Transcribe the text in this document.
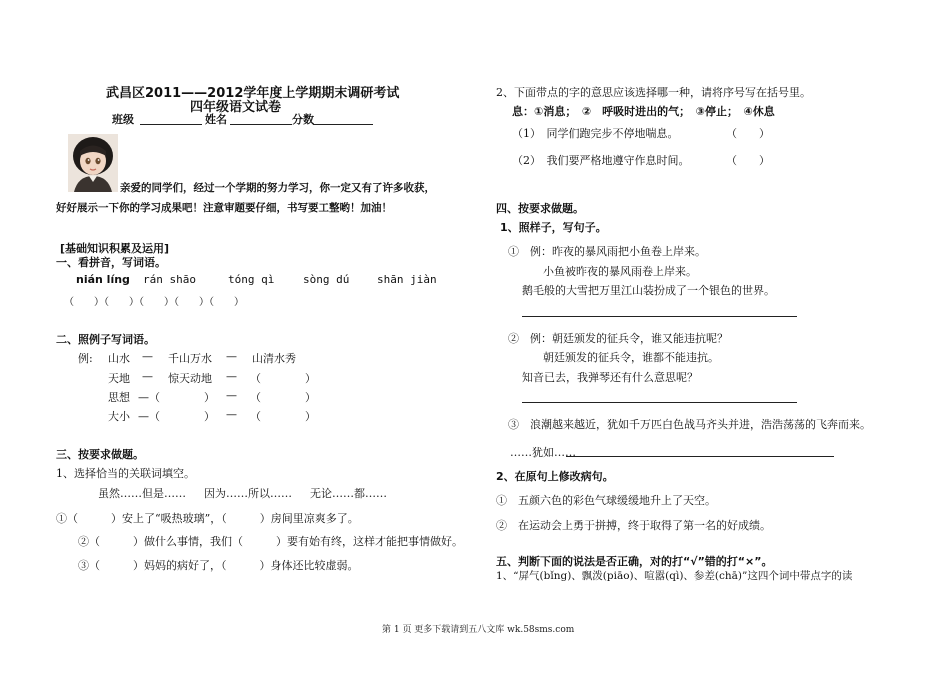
武昌区2011——2012学年度上学期期末调研考试
四年级语文试卷
班级	姓名	分数
亲爱的同学们，经过一个学期的努力学习，你一定又有了许多收获，
好好展示一下你的学习成果吧！注意审题要仔细，书写要工整哟！加油！
[基础知识积累及运用]
一、看拼音，写词语。
nián líng rán shāo	tóng qì	sòng dú	shān jiàn
（　　）（　　）（　　）（　　）（　　）
二、照例子写词语。
例: 山水 — 千山万水 — 山清水秀
天地 — 惊天动地 — （　　　　）
思想 —（　　　　） — （　　　　）
大小 —（　　　　） — （　　　　）
三、按要求做题。
1、选择恰当的关联词填空。
虽然……但是…… 因为……所以…… 无论……都……
①（　　　）安上了“吸热玻璃”，（　　　）房间里凉爽多了。
②（　　　）做什么事情，我们（　　　）要有始有终，这样才能把事情做好。
③（　　　）妈妈的病好了，（　　　）身体还比较虚弱。
2、下面带点的字的意思应该选择哪一种，请将序号写在括号里。
息：①消息；　②　呼吸时进出的气；　③停止；　④休息
（1）　同学们跑完步不停地喘息。	（　　）
（2）　我们要严格地遵守作息时间。	（　　）
四、按要求做题。
1、照样子，写句子。
①　例：昨夜的暴风雨把小鱼卷上岸来。
小鱼被昨夜的暴风雨卷上岸来。
鹅毛般的大雪把万里江山装扮成了一个银色的世界。
②　例：朝廷颁发的征兵令，谁又能违抗呢？
朝廷颁发的征兵令，谁都不能违抗。
知音已去，我弹琴还有什么意思呢？
③　浪潮越来越近，犹如千万匹白色战马齐头并进，浩浩荡荡的飞奔而来。
……犹如……
2、在原句上修改病句。
①　五颜六色的彩色气球缓缓地升上了天空。
②　在运动会上勇于拼搏，终于取得了第一名的好成绩。
五、判断下面的说法是否正确，对的打“√”错的打“×”。
1、“屏气(bǐng)、飘泼(piāo)、喧嚣(qì)、参差(chā)”这四个词中带点字的读
第 1 页 更多下载请到五八文库 wk.58sms.com
